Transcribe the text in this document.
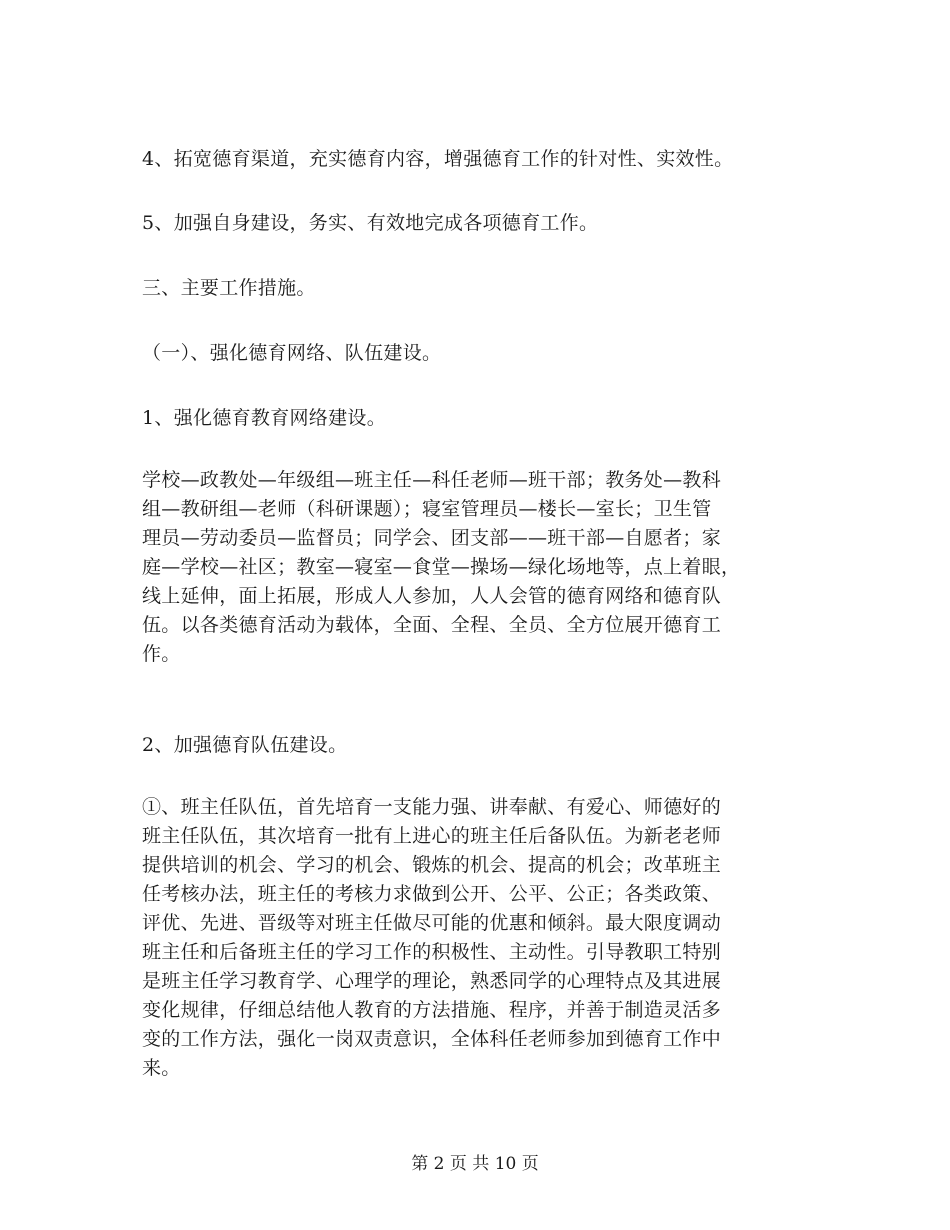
4、拓宽德育渠道，充实德育内容，增强德育工作的针对性、实效性。
5、加强自身建设，务实、有效地完成各项德育工作。
三、主要工作措施。
（一）、强化德育网络、队伍建设。
1、强化德育教育网络建设。
学校—政教处—年级组—班主任—科任老师—班干部；教务处—教科
组—教研组—老师（科研课题）；寝室管理员—楼长—室长；卫生管
理员—劳动委员—监督员；同学会、团支部——班干部—自愿者；家
庭—学校—社区；教室—寝室—食堂—操场—绿化场地等，点上着眼，
线上延伸，面上拓展，形成人人参加，人人会管的德育网络和德育队
伍。以各类德育活动为载体，全面、全程、全员、全方位展开德育工
作。
2、加强德育队伍建设。
①、班主任队伍，首先培育一支能力强、讲奉献、有爱心、师德好的
班主任队伍，其次培育一批有上进心的班主任后备队伍。为新老老师
提供培训的机会、学习的机会、锻炼的机会、提高的机会；改革班主
任考核办法，班主任的考核力求做到公开、公平、公正；各类政策、
评优、先进、晋级等对班主任做尽可能的优惠和倾斜。最大限度调动
班主任和后备班主任的学习工作的积极性、主动性。引导教职工特别
是班主任学习教育学、心理学的理论，熟悉同学的心理特点及其进展
变化规律，仔细总结他人教育的方法措施、程序，并善于制造灵活多
变的工作方法，强化一岗双责意识，全体科任老师参加到德育工作中
来。
第 2 页 共 10 页
